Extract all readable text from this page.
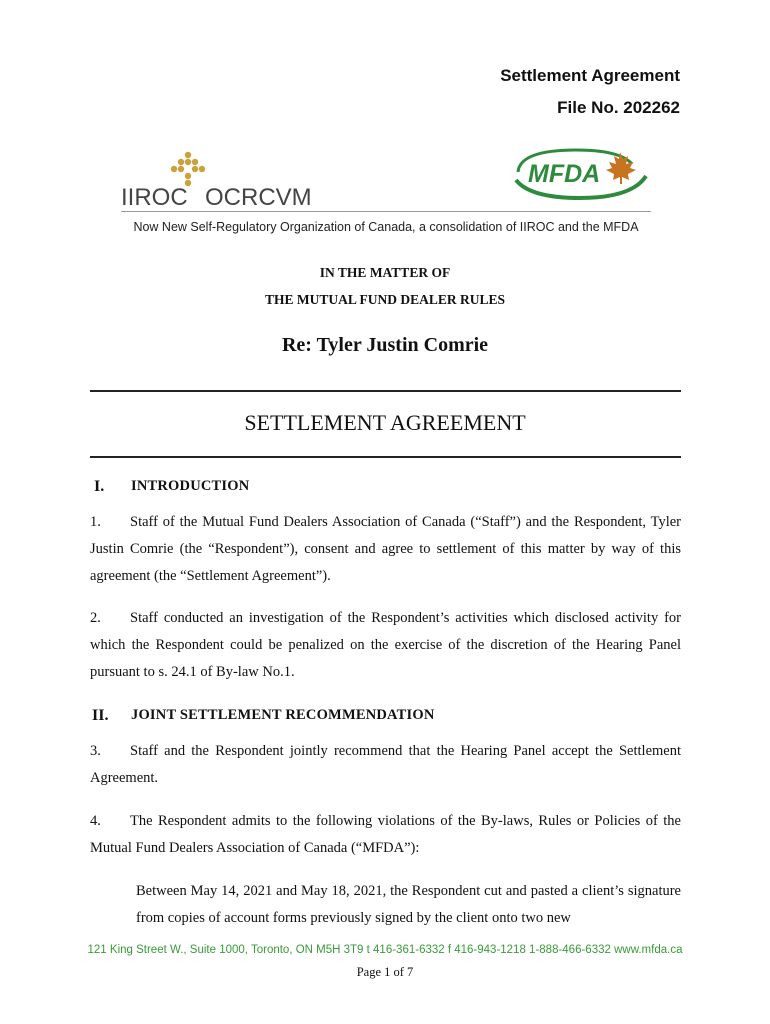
Settlement Agreement
File No. 202262
IIROC OCRCVM
MFDA
Now New Self-Regulatory Organization of Canada, a consolidation of IIROC and the MFDA
IN THE MATTER OF
THE MUTUAL FUND DEALER RULES
Re: Tyler Justin Comrie
SETTLEMENT AGREEMENT
I. INTRODUCTION
1. Staff of the Mutual Fund Dealers Association of Canada (“Staff”) and the Respondent, Tyler Justin Comrie (the “Respondent”), consent and agree to settlement of this matter by way of this agreement (the “Settlement Agreement”).
2. Staff conducted an investigation of the Respondent’s activities which disclosed activity for which the Respondent could be penalized on the exercise of the discretion of the Hearing Panel pursuant to s. 24.1 of By-law No.1.
II. JOINT SETTLEMENT RECOMMENDATION
3. Staff and the Respondent jointly recommend that the Hearing Panel accept the Settlement Agreement.
4. The Respondent admits to the following violations of the By-laws, Rules or Policies of the Mutual Fund Dealers Association of Canada (“MFDA”):
Between May 14, 2021 and May 18, 2021, the Respondent cut and pasted a client’s signature from copies of account forms previously signed by the client onto two new
121 King Street W., Suite 1000, Toronto, ON M5H 3T9 t 416-361-6332 f 416-943-1218 1-888-466-6332 www.mfda.ca
Page 1 of 7
